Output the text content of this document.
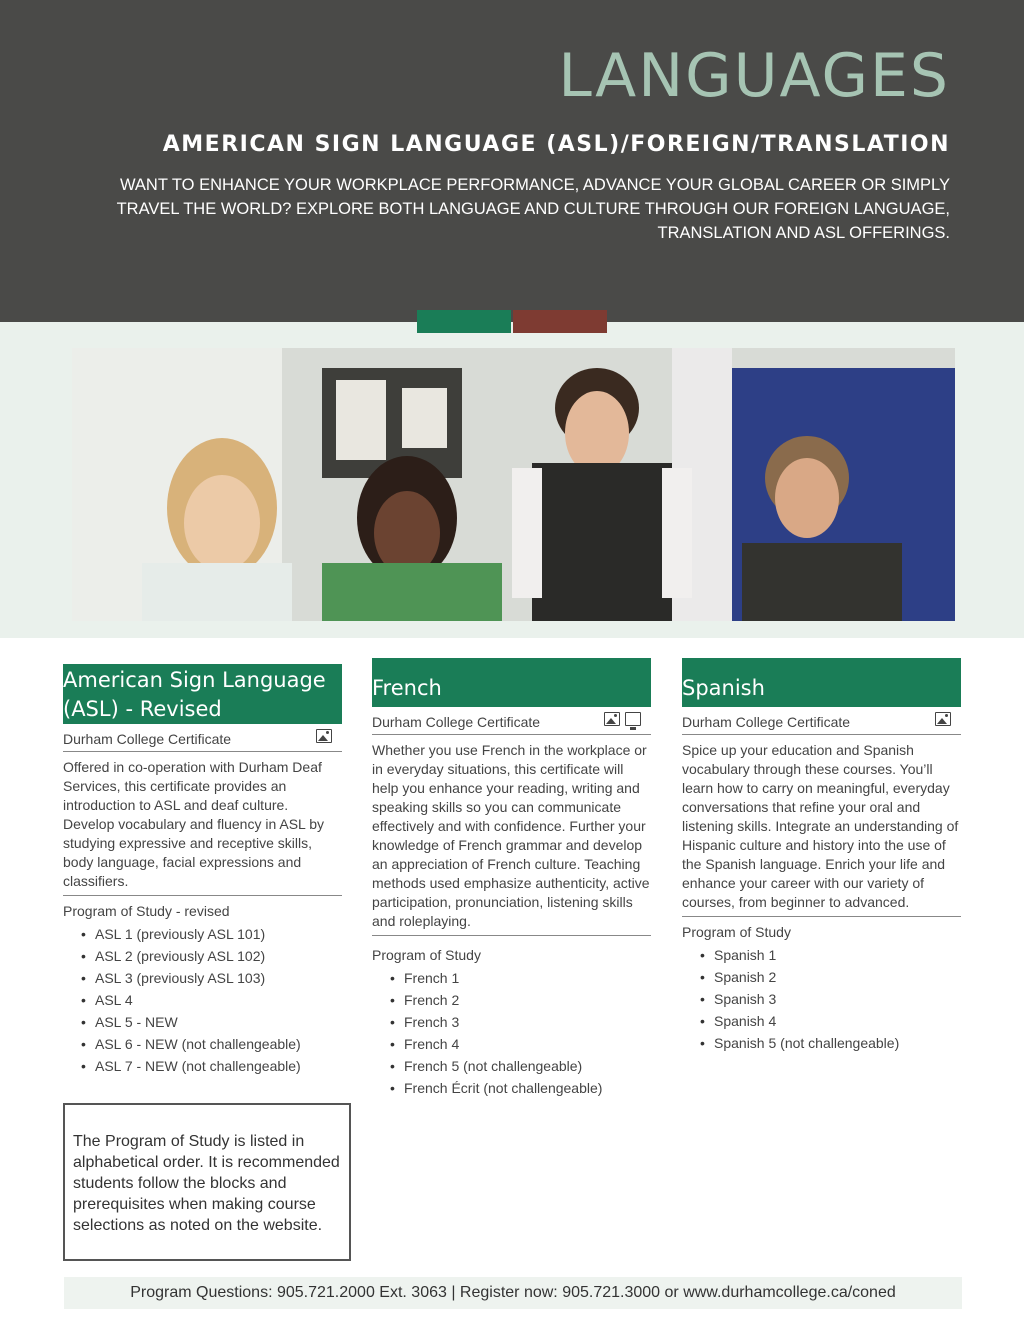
LANGUAGES
AMERICAN SIGN LANGUAGE (ASL)/FOREIGN/TRANSLATION

WANT TO ENHANCE YOUR WORKPLACE PERFORMANCE, ADVANCE YOUR GLOBAL CAREER OR SIMPLY TRAVEL THE WORLD? EXPLORE BOTH LANGUAGE AND CULTURE THROUGH OUR FOREIGN LANGUAGE, TRANSLATION AND ASL OFFERINGS.

American Sign Language (ASL) - Revised
Durham College Certificate
Offered in co-operation with Durham Deaf Services, this certificate provides an introduction to ASL and deaf culture. Develop vocabulary and fluency in ASL by studying expressive and receptive skills, body language, facial expressions and classifiers.
Program of Study - revised
• ASL 1 (previously ASL 101)
• ASL 2 (previously ASL 102)
• ASL 3 (previously ASL 103)
• ASL 4
• ASL 5 - NEW
• ASL 6 - NEW (not challengeable)
• ASL 7 - NEW (not challengeable)
French
Durham College Certificate
Whether you use French in the workplace or in everyday situations, this certificate will help you enhance your reading, writing and speaking skills so you can communicate effectively and with confidence. Further your knowledge of French grammar and develop an appreciation of French culture. Teaching methods used emphasize authenticity, active participation, pronunciation, listening skills and roleplaying.
Program of Study
• French 1
• French 2
• French 3
• French 4
• French 5 (not challengeable)
• French Écrit (not challengeable)
Spanish
Durham College Certificate
Spice up your education and Spanish vocabulary through these courses. You’ll learn how to carry on meaningful, everyday conversations that refine your oral and listening skills. Integrate an understanding of Hispanic culture and history into the use of the Spanish language. Enrich your life and enhance your career with our variety of courses, from beginner to advanced.
Program of Study
• Spanish 1
• Spanish 2
• Spanish 3
• Spanish 4
• Spanish 5 (not challengeable)
The Program of Study is listed in alphabetical order. It is recommended students follow the blocks and prerequisites when making course selections as noted on the website.
Program Questions: 905.721.2000 Ext. 3063 | Register now: 905.721.3000 or www.durhamcollege.ca/coned
